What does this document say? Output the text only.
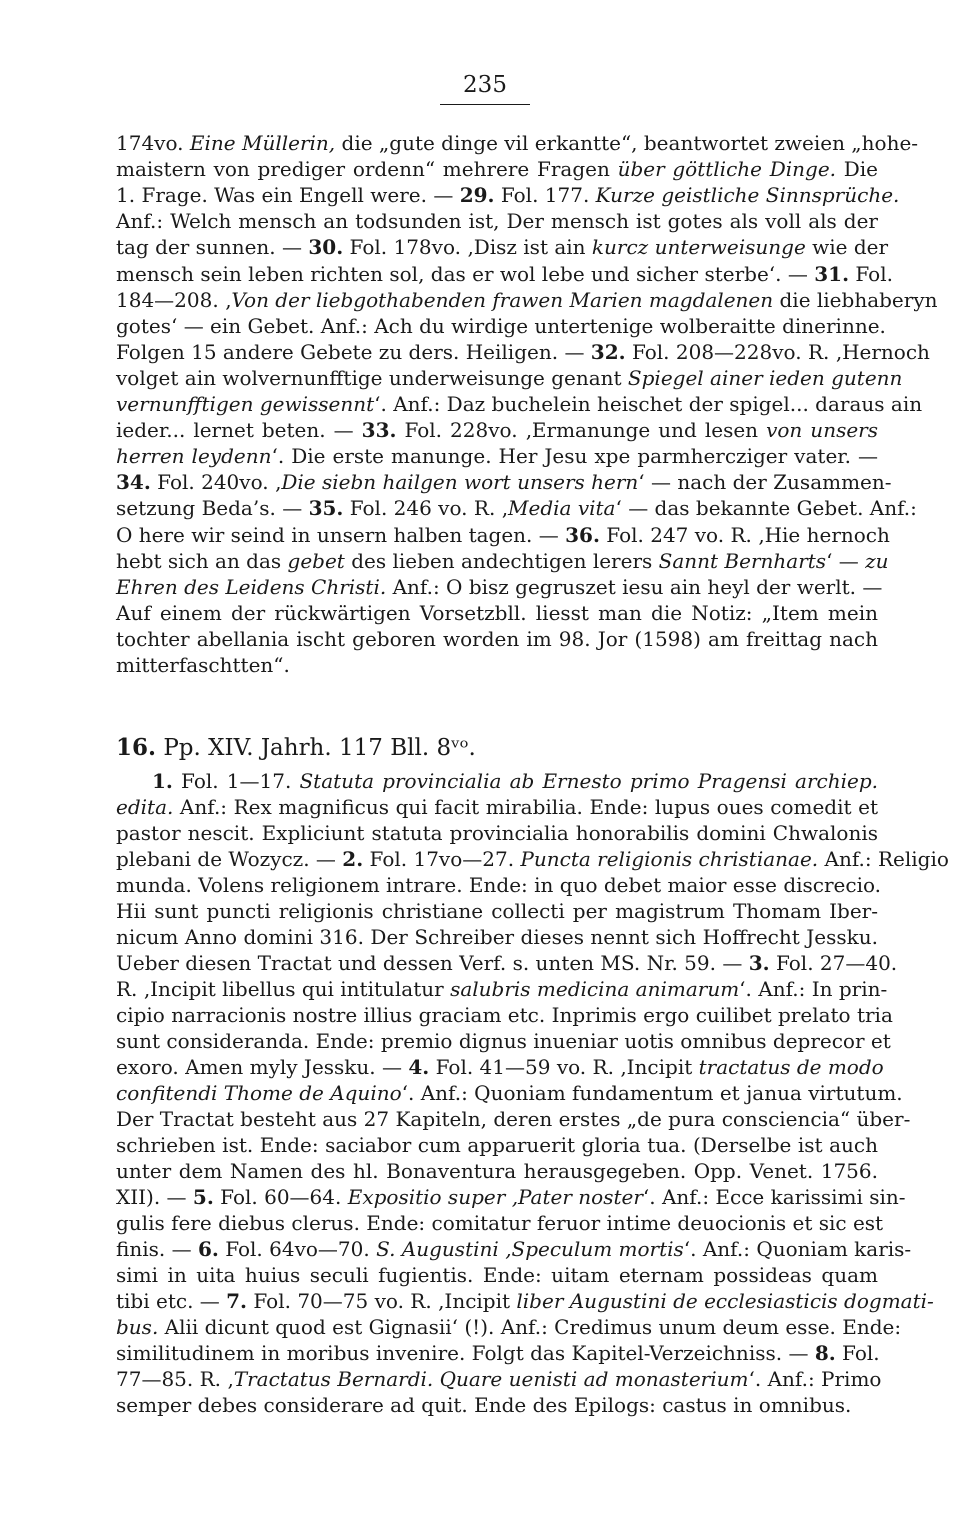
235
174vo. Eine Müllerin, die „gute dinge vil erkantte“, beantwortet zweien „hohe-
maistern von prediger ordenn“ mehrere Fragen über göttliche Dinge. Die
1. Frage. Was ein Engell were. — 29. Fol. 177. Kurze geistliche Sinnsprüche.
Anf.: Welch mensch an todsunden ist, Der mensch ist gotes als voll als der
tag der sunnen. — 30. Fol. 178vo. ‚Disz ist ain kurcz unterweisunge wie der
mensch sein leben richten sol, das er wol lebe und sicher sterbe‘. — 31. Fol.
184—208. ‚Von der liebgothabenden frawen Marien magdalenen die liebhaberyn
gotes‘ — ein Gebet. Anf.: Ach du wirdige untertenige wolberaitte dinerinne.
Folgen 15 andere Gebete zu ders. Heiligen. — 32. Fol. 208—228vo. R. ‚Hernoch
volget ain wolvernunfftige underweisunge genant Spiegel ainer ieden gutenn
vernunfftigen gewissennt‘. Anf.: Daz buchelein heischet der spigel... daraus ain
ieder... lernet beten. — 33. Fol. 228vo. ‚Ermanunge und lesen von unsers
herren leydenn‘. Die erste manunge. Her Jesu xpe parmhercziger vater. —
34. Fol. 240vo. ‚Die siebn hailgen wort unsers hern‘ — nach der Zusammen-
setzung Beda’s. — 35. Fol. 246 vo. R. ‚Media vita‘ — das bekannte Gebet. Anf.:
O here wir seind in unsern halben tagen. — 36. Fol. 247 vo. R. ‚Hie hernoch
hebt sich an das gebet des lieben andechtigen lerers Sannt Bernharts‘ — zu
Ehren des Leidens Christi. Anf.: O bisz gegruszet iesu ain heyl der werlt. —
Auf einem der rückwärtigen Vorsetzbll. liesst man die Notiz: „Item mein
tochter abellania ischt geboren worden im 98. Jor (1598) am freittag nach
mitterfaschtten“.
16. Pp. XIV. Jahrh. 117 Bll. 8ᵛᵒ.
1. Fol. 1—17. Statuta provincialia ab Ernesto primo Pragensi archiep.
edita. Anf.: Rex magnificus qui facit mirabilia. Ende: lupus oues comedit et
pastor nescit. Expliciunt statuta provincialia honorabilis domini Chwalonis
plebani de Wozycz. — 2. Fol. 17vo—27. Puncta religionis christianae. Anf.: Religio
munda. Volens religionem intrare. Ende: in quo debet maior esse discrecio.
Hii sunt puncti religionis christiane collecti per magistrum Thomam Iber-
nicum Anno domini 316. Der Schreiber dieses nennt sich Hoffrecht Jessku.
Ueber diesen Tractat und dessen Verf. s. unten MS. Nr. 59. — 3. Fol. 27—40.
R. ‚Incipit libellus qui intitulatur salubris medicina animarum‘. Anf.: In prin-
cipio narracionis nostre illius graciam etc. Inprimis ergo cuilibet prelato tria
sunt consideranda. Ende: premio dignus inueniar uotis omnibus deprecor et
exoro. Amen myly Jessku. — 4. Fol. 41—59 vo. R. ‚Incipit tractatus de modo
confitendi Thome de Aquino‘. Anf.: Quoniam fundamentum et janua virtutum.
Der Tractat besteht aus 27 Kapiteln, deren erstes „de pura consciencia“ über-
schrieben ist. Ende: saciabor cum apparuerit gloria tua. (Derselbe ist auch
unter dem Namen des hl. Bonaventura herausgegeben. Opp. Venet. 1756.
XII). — 5. Fol. 60—64. Expositio super ‚Pater noster‘. Anf.: Ecce karissimi sin-
gulis fere diebus clerus. Ende: comitatur feruor intime deuocionis et sic est
finis. — 6. Fol. 64vo—70. S. Augustini ‚Speculum mortis‘. Anf.: Quoniam karis-
simi in uita huius seculi fugientis. Ende: uitam eternam possideas quam
tibi etc. — 7. Fol. 70—75 vo. R. ‚Incipit liber Augustini de ecclesiasticis dogmati-
bus. Alii dicunt quod est Gignasii‘ (!). Anf.: Credimus unum deum esse. Ende:
similitudinem in moribus invenire. Folgt das Kapitel-Verzeichniss. — 8. Fol.
77—85. R. ‚Tractatus Bernardi. Quare uenisti ad monasterium‘. Anf.: Primo
semper debes considerare ad quit. Ende des Epilogs: castus in omnibus.
